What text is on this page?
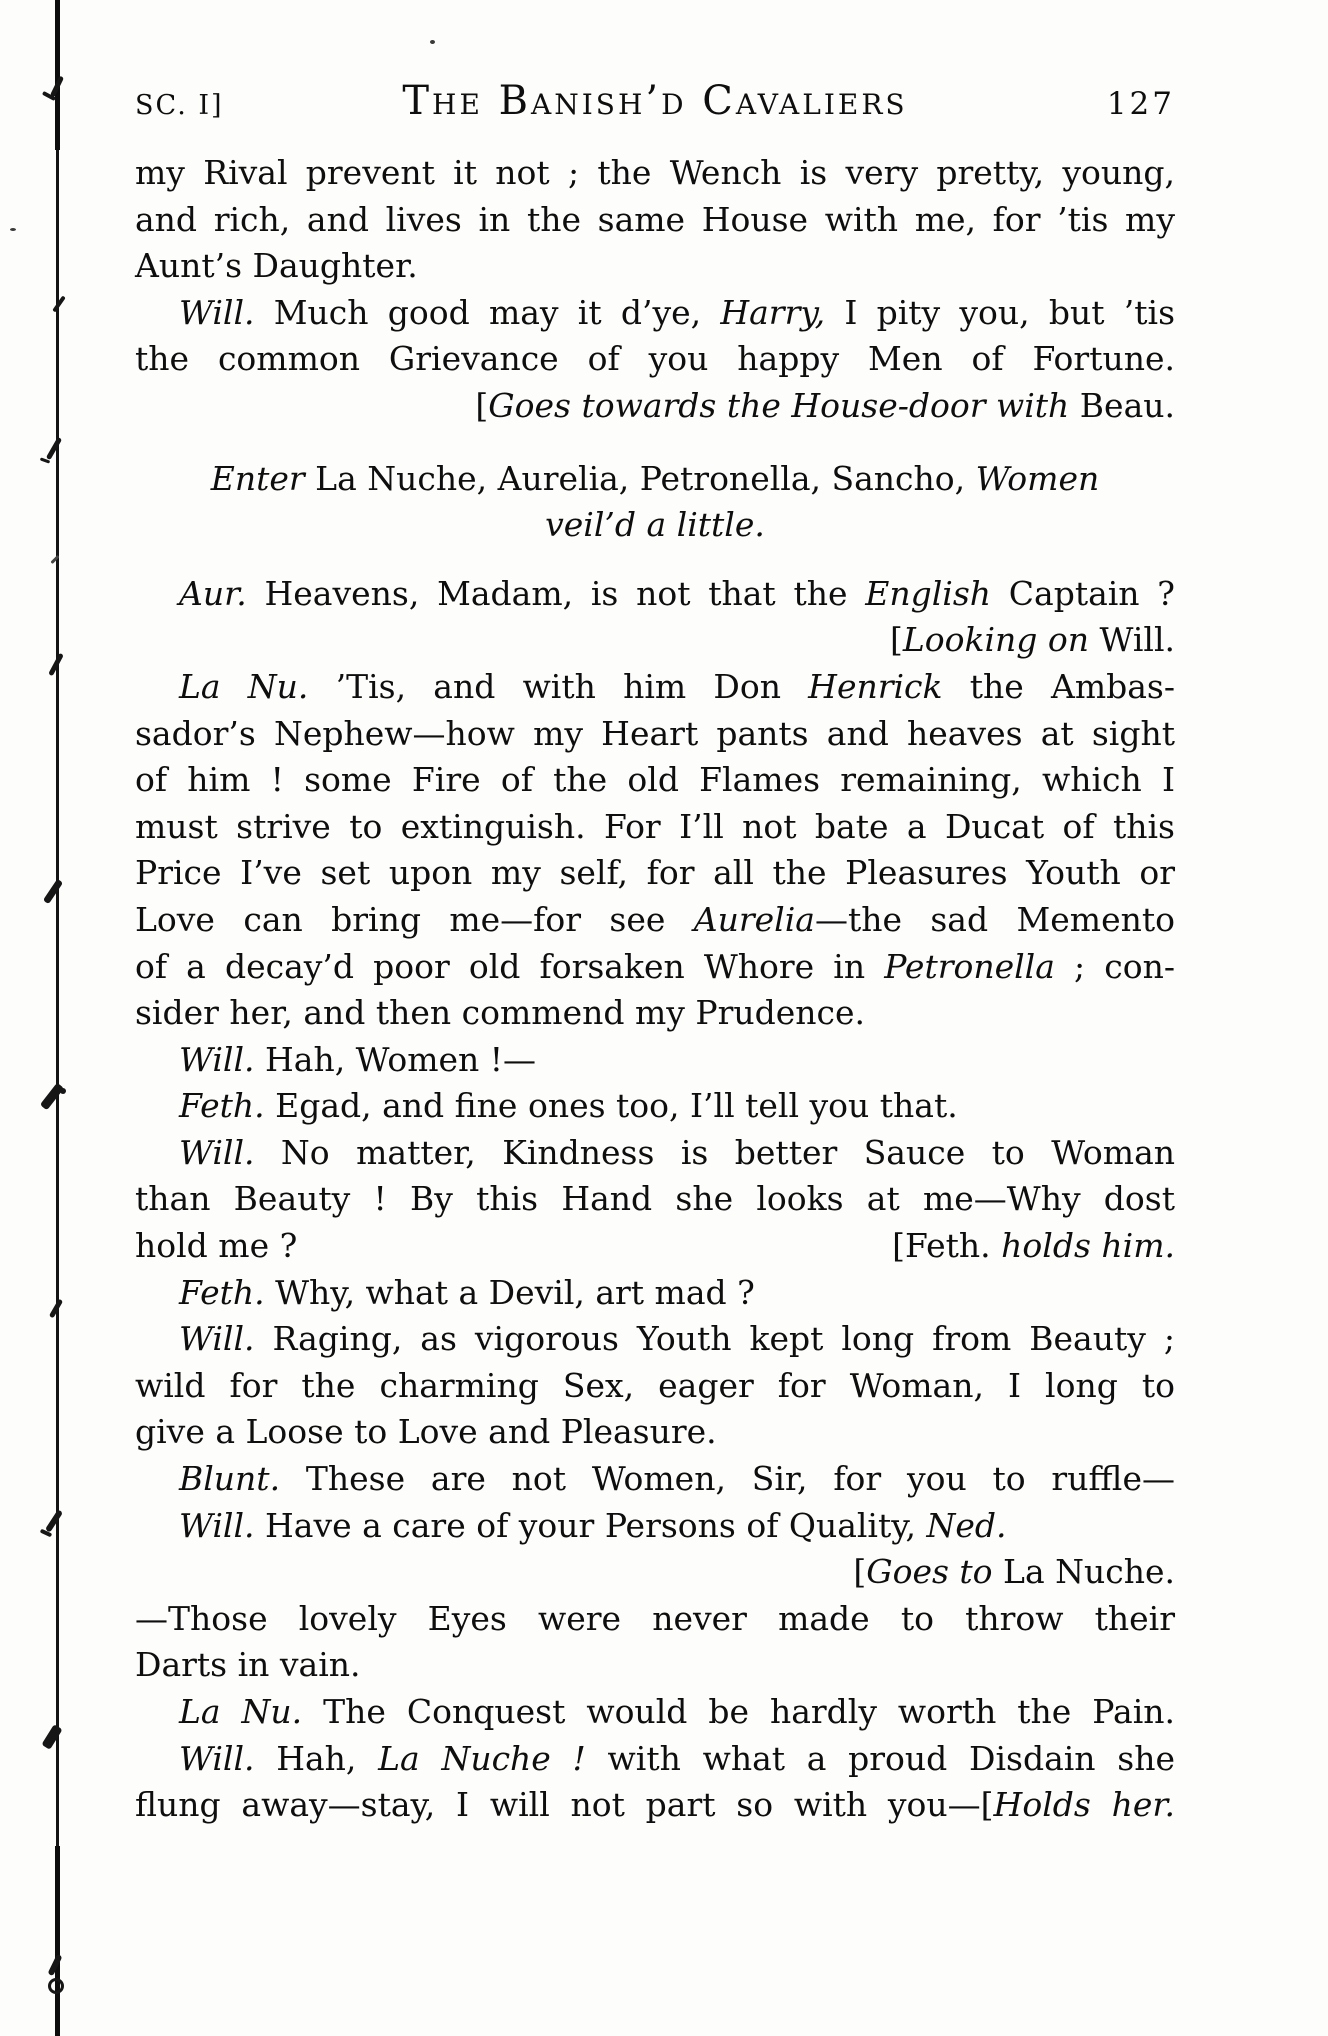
SC. I]	The Banish’d Cavaliers	127
my Rival prevent it not ; the Wench is very pretty, young,
and rich, and lives in the same House with me, for ’tis my
Aunt’s Daughter.
Will. Much good may it d’ye, Harry, I pity you, but ’tis
the common Grievance of you happy Men of Fortune.
[Goes towards the House-door with Beau.
Enter La Nuche, Aurelia, Petronella, Sancho, Women
veil’d a little.
Aur. Heavens, Madam, is not that the English Captain ?
[Looking on Will.
La Nu. ’Tis, and with him Don Henrick the Ambas-
sador’s Nephew—how my Heart pants and heaves at sight
of him ! some Fire of the old Flames remaining, which I
must strive to extinguish. For I’ll not bate a Ducat of this
Price I’ve set upon my self, for all the Pleasures Youth or
Love can bring me—for see Aurelia—the sad Memento
of a decay’d poor old forsaken Whore in Petronella ; con-
sider her, and then commend my Prudence.
Will. Hah, Women !—
Feth. Egad, and fine ones too, I’ll tell you that.
Will. No matter, Kindness is better Sauce to Woman
than Beauty ! By this Hand she looks at me—Why dost
hold me ?	[Feth. holds him.
Feth. Why, what a Devil, art mad ?
Will. Raging, as vigorous Youth kept long from Beauty ;
wild for the charming Sex, eager for Woman, I long to
give a Loose to Love and Pleasure.
Blunt. These are not Women, Sir, for you to ruffle—
Will. Have a care of your Persons of Quality, Ned.
[Goes to La Nuche.
—Those lovely Eyes were never made to throw their
Darts in vain.
La Nu. The Conquest would be hardly worth the Pain.
Will. Hah, La Nuche ! with what a proud Disdain she
flung away—stay, I will not part so with you—[Holds her.
